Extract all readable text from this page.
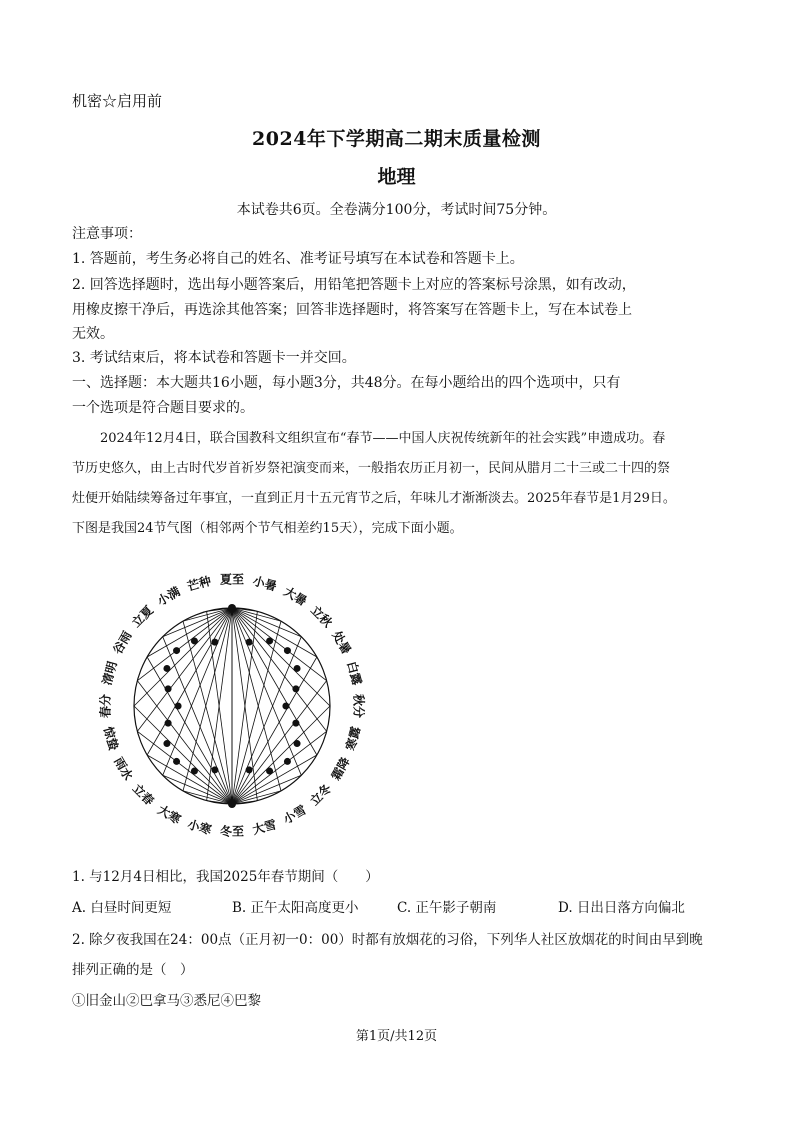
机密☆启用前
2024年下学期高二期末质量检测
地理
本试卷共6页。全卷满分100分，考试时间75分钟。
注意事项：
1. 答题前，考生务必将自己的姓名、准考证号填写在本试卷和答题卡上。
2. 回答选择题时，选出每小题答案后，用铅笔把答题卡上对应的答案标号涂黑，如有改动，
用橡皮擦干净后，再选涂其他答案；回答非选择题时，将答案写在答题卡上，写在本试卷上
无效。
3. 考试结束后，将本试卷和答题卡一并交回。
一、选择题：本大题共16小题，每小题3分，共48分。在每小题给出的四个选项中，只有
一个选项是符合题目要求的。
2024年12月4日，联合国教科文组织宣布“春节——中国人庆祝传统新年的社会实践”申遗成功。春
节历史悠久，由上古时代岁首祈岁祭祀演变而来，一般指农历正月初一，民间从腊月二十三或二十四的祭
灶便开始陆续筹备过年事宜，一直到正月十五元宵节之后，年味儿才渐渐淡去。2025年春节是1月29日。
下图是我国24节气图（相邻两个节气相差约15天），完成下面小题。
夏至 小暑
大暑
立秋
处暑
白露
秋分
寒露
霜降
立冬
小雪
大雪
冬至
小寒
大寒
立春
雨水
惊蛰
春分
清明
谷雨
立夏
小满
芒种
1. 与12月4日相比，我国2025年春节期间（　　）
A. 白昼时间更短	B. 正午太阳高度更小	C. 正午影子朝南	D. 日出日落方向偏北
2. 除夕夜我国在24：00点（正月初一0：00）时都有放烟花的习俗，下列华人社区放烟花的时间由早到晚
排列正确的是（　）
①旧金山②巴拿马③悉尼④巴黎
第1页/共12页
